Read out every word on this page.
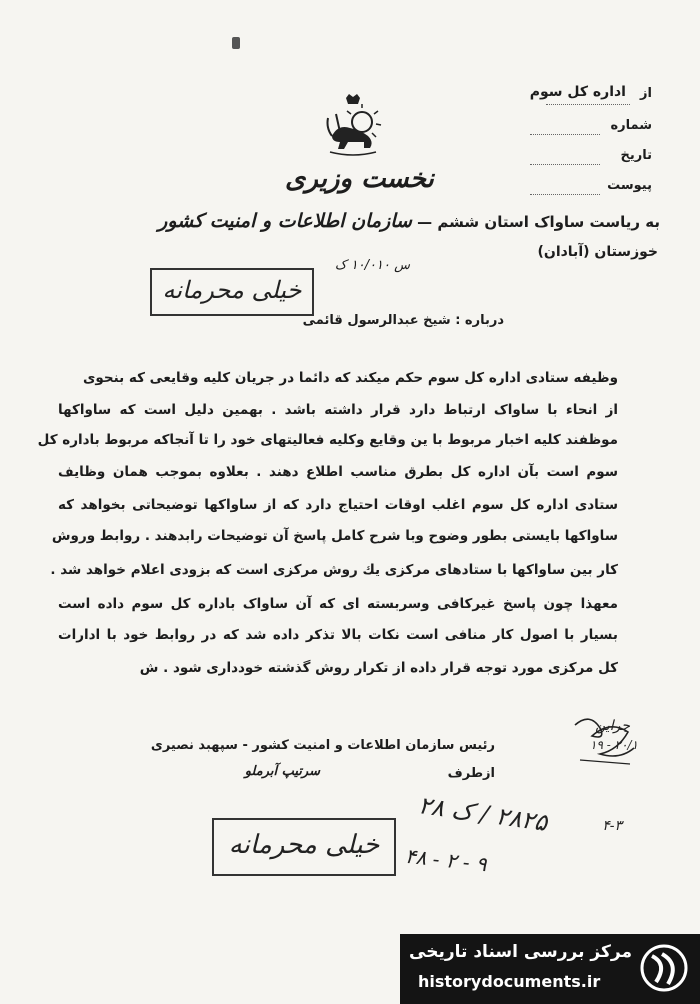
از
اداره کل سوم
شماره
تاریخ
پیوست
نخست وزیری
به ریاست ساواک استان ششم — سازمان اطلاعات و امنیت کشور
خوزستان (آبادان)
س ۱۰/۰۱۰ ک
خیلی محرمانه
درباره : شیخ عبدالرسول قائمی
وظیفه ستادی اداره کل سوم حکم میکند که دائما در جریان کلیه وقایعی که بنحوی
از انحاء با ساواک ارتباط دارد قرار داشته باشد . بهمین دلیل است که ساواکها
موظفند کلیه اخبار مربوط با ین وقایع وکلیه فعالیتهای خود را تا آنجاکه مربوط باداره کل
سوم است بآن اداره کل بطرق مناسب اطلاع دهند . بعلاوه بموجب همان وظایف
ستادی اداره کل سوم اغلب اوقات احتیاج دارد که از ساواکها توضیحاتی بخواهد که
ساواکها بایستی بطور وضوح وبا شرح کامل پاسخ آن توضیحات رابدهند . روابط وروش
کار بین ساواکها با ستادهای مرکزی یك روش مرکزی است که بزودی اعلام خواهد شد .
معهذا چون پاسخ غیرکافی وسربسته ای که آن ساواک باداره کل سوم داده است
بسیار با اصول کار منافی است نکات بالا تذکر داده شد که در روابط خود با ادارات
کل مرکزی مورد توجه قرار داده از تکرار روش گذشته خودداری شود . ش
رئیس سازمان اطلاعات و امنیت کشور - سپهبد نصیری
ازطرف
سرتیپ آبرملو
جراین
۲۰/۱ - ۱۹
۲۸۲۵ / ک ۲۸
۹ - ۲ - ۴۸
۴-۳
خیلی محرمانه
مرکز بررسی اسناد تاریخی
historydocuments.ir
